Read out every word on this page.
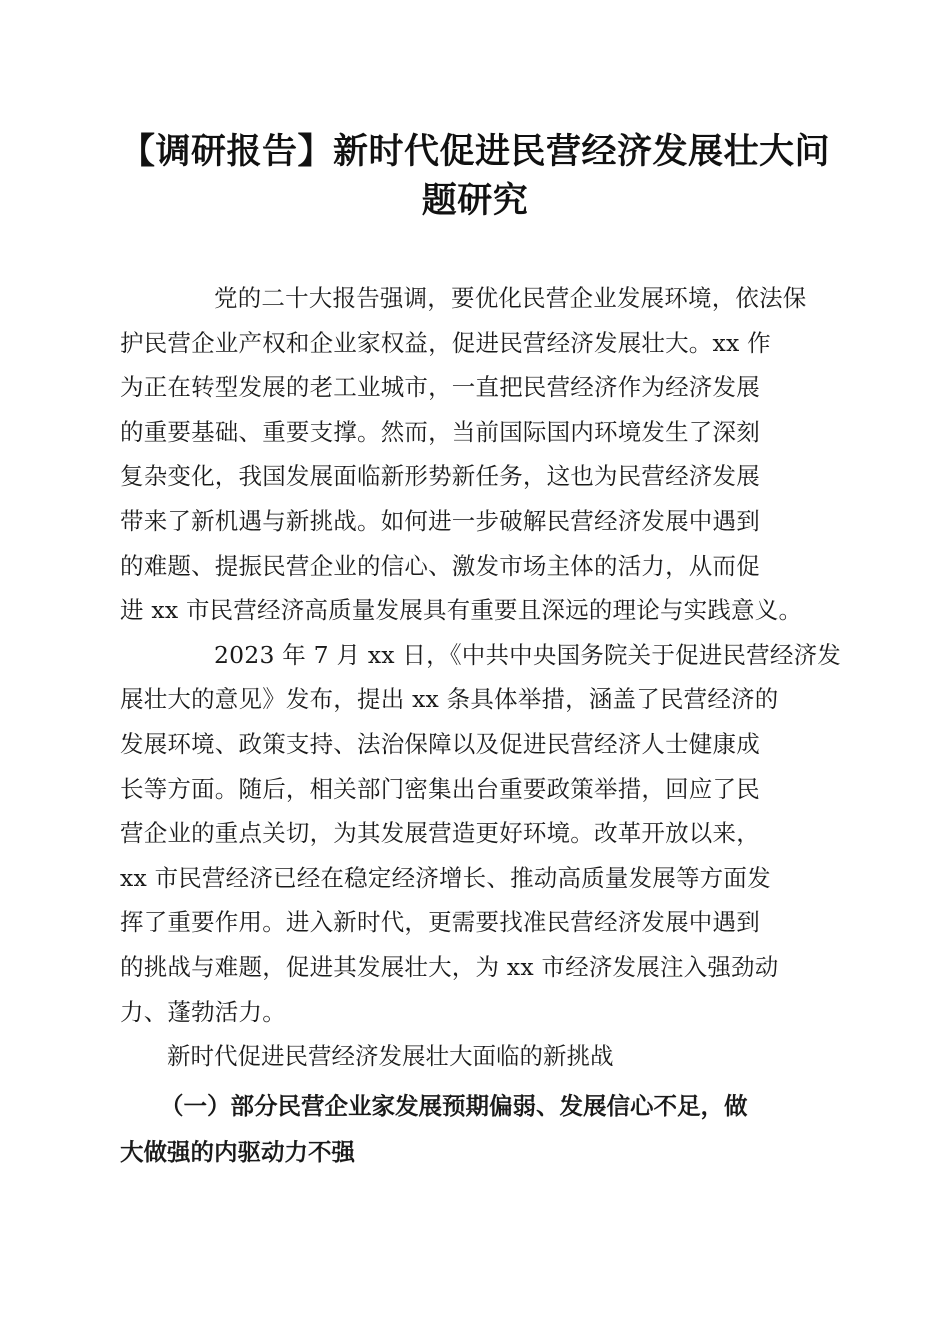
【调研报告】新时代促进民营经济发展壮大问
题研究
党的二十大报告强调，要优化民营企业发展环境，依法保
护民营企业产权和企业家权益，促进民营经济发展壮大。xx 作
为正在转型发展的老工业城市，一直把民营经济作为经济发展
的重要基础、重要支撑。然而，当前国际国内环境发生了深刻
复杂变化，我国发展面临新形势新任务，这也为民营经济发展
带来了新机遇与新挑战。如何进一步破解民营经济发展中遇到
的难题、提振民营企业的信心、激发市场主体的活力，从而促
进 xx 市民营经济高质量发展具有重要且深远的理论与实践意义。
2023 年 7 月 xx 日，《中共中央国务院关于促进民营经济发
展壮大的意见》发布，提出 xx 条具体举措，涵盖了民营经济的
发展环境、政策支持、法治保障以及促进民营经济人士健康成
长等方面。随后，相关部门密集出台重要政策举措，回应了民
营企业的重点关切，为其发展营造更好环境。改革开放以来，
xx 市民营经济已经在稳定经济增长、推动高质量发展等方面发
挥了重要作用。进入新时代，更需要找准民营经济发展中遇到
的挑战与难题，促进其发展壮大，为 xx 市经济发展注入强劲动
力、蓬勃活力。
新时代促进民营经济发展壮大面临的新挑战
（一）部分民营企业家发展预期偏弱、发展信心不足，做
大做强的内驱动力不强
